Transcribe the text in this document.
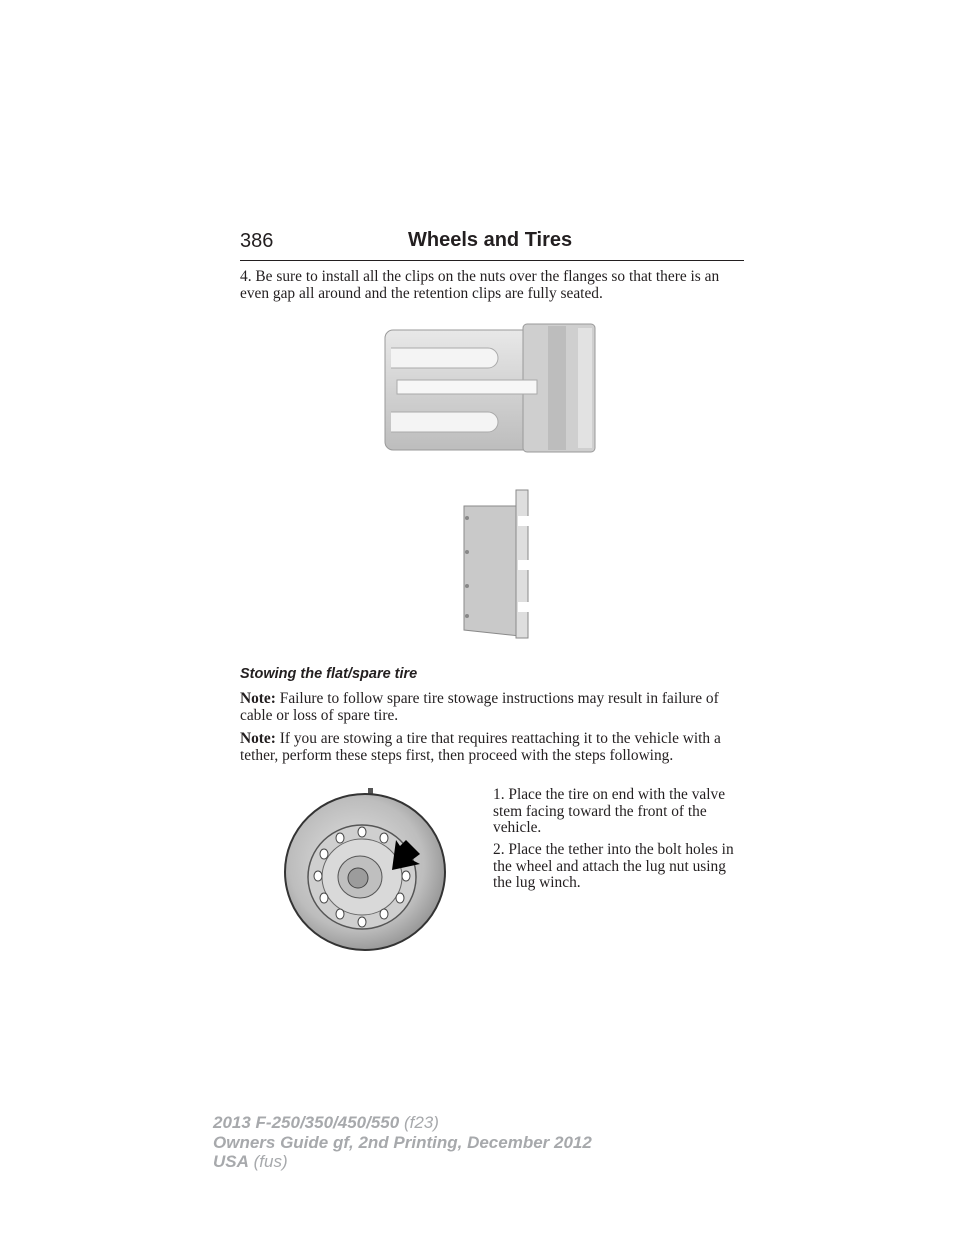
386	Wheels and Tires
4. Be sure to install all the clips on the nuts over the flanges so that there is an even gap all around and the retention clips are fully seated.
Stowing the flat/spare tire
Note: Failure to follow spare tire stowage instructions may result in failure of cable or loss of spare tire.
Note: If you are stowing a tire that requires reattaching it to the vehicle with a tether, perform these steps first, then proceed with the steps following.
1. Place the tire on end with the valve stem facing toward the front of the vehicle.
2. Place the tether into the bolt holes in the wheel and attach the lug nut using the lug winch.
2013 F-250/350/450/550 (f23)
Owners Guide gf, 2nd Printing, December 2012
USA (fus)
